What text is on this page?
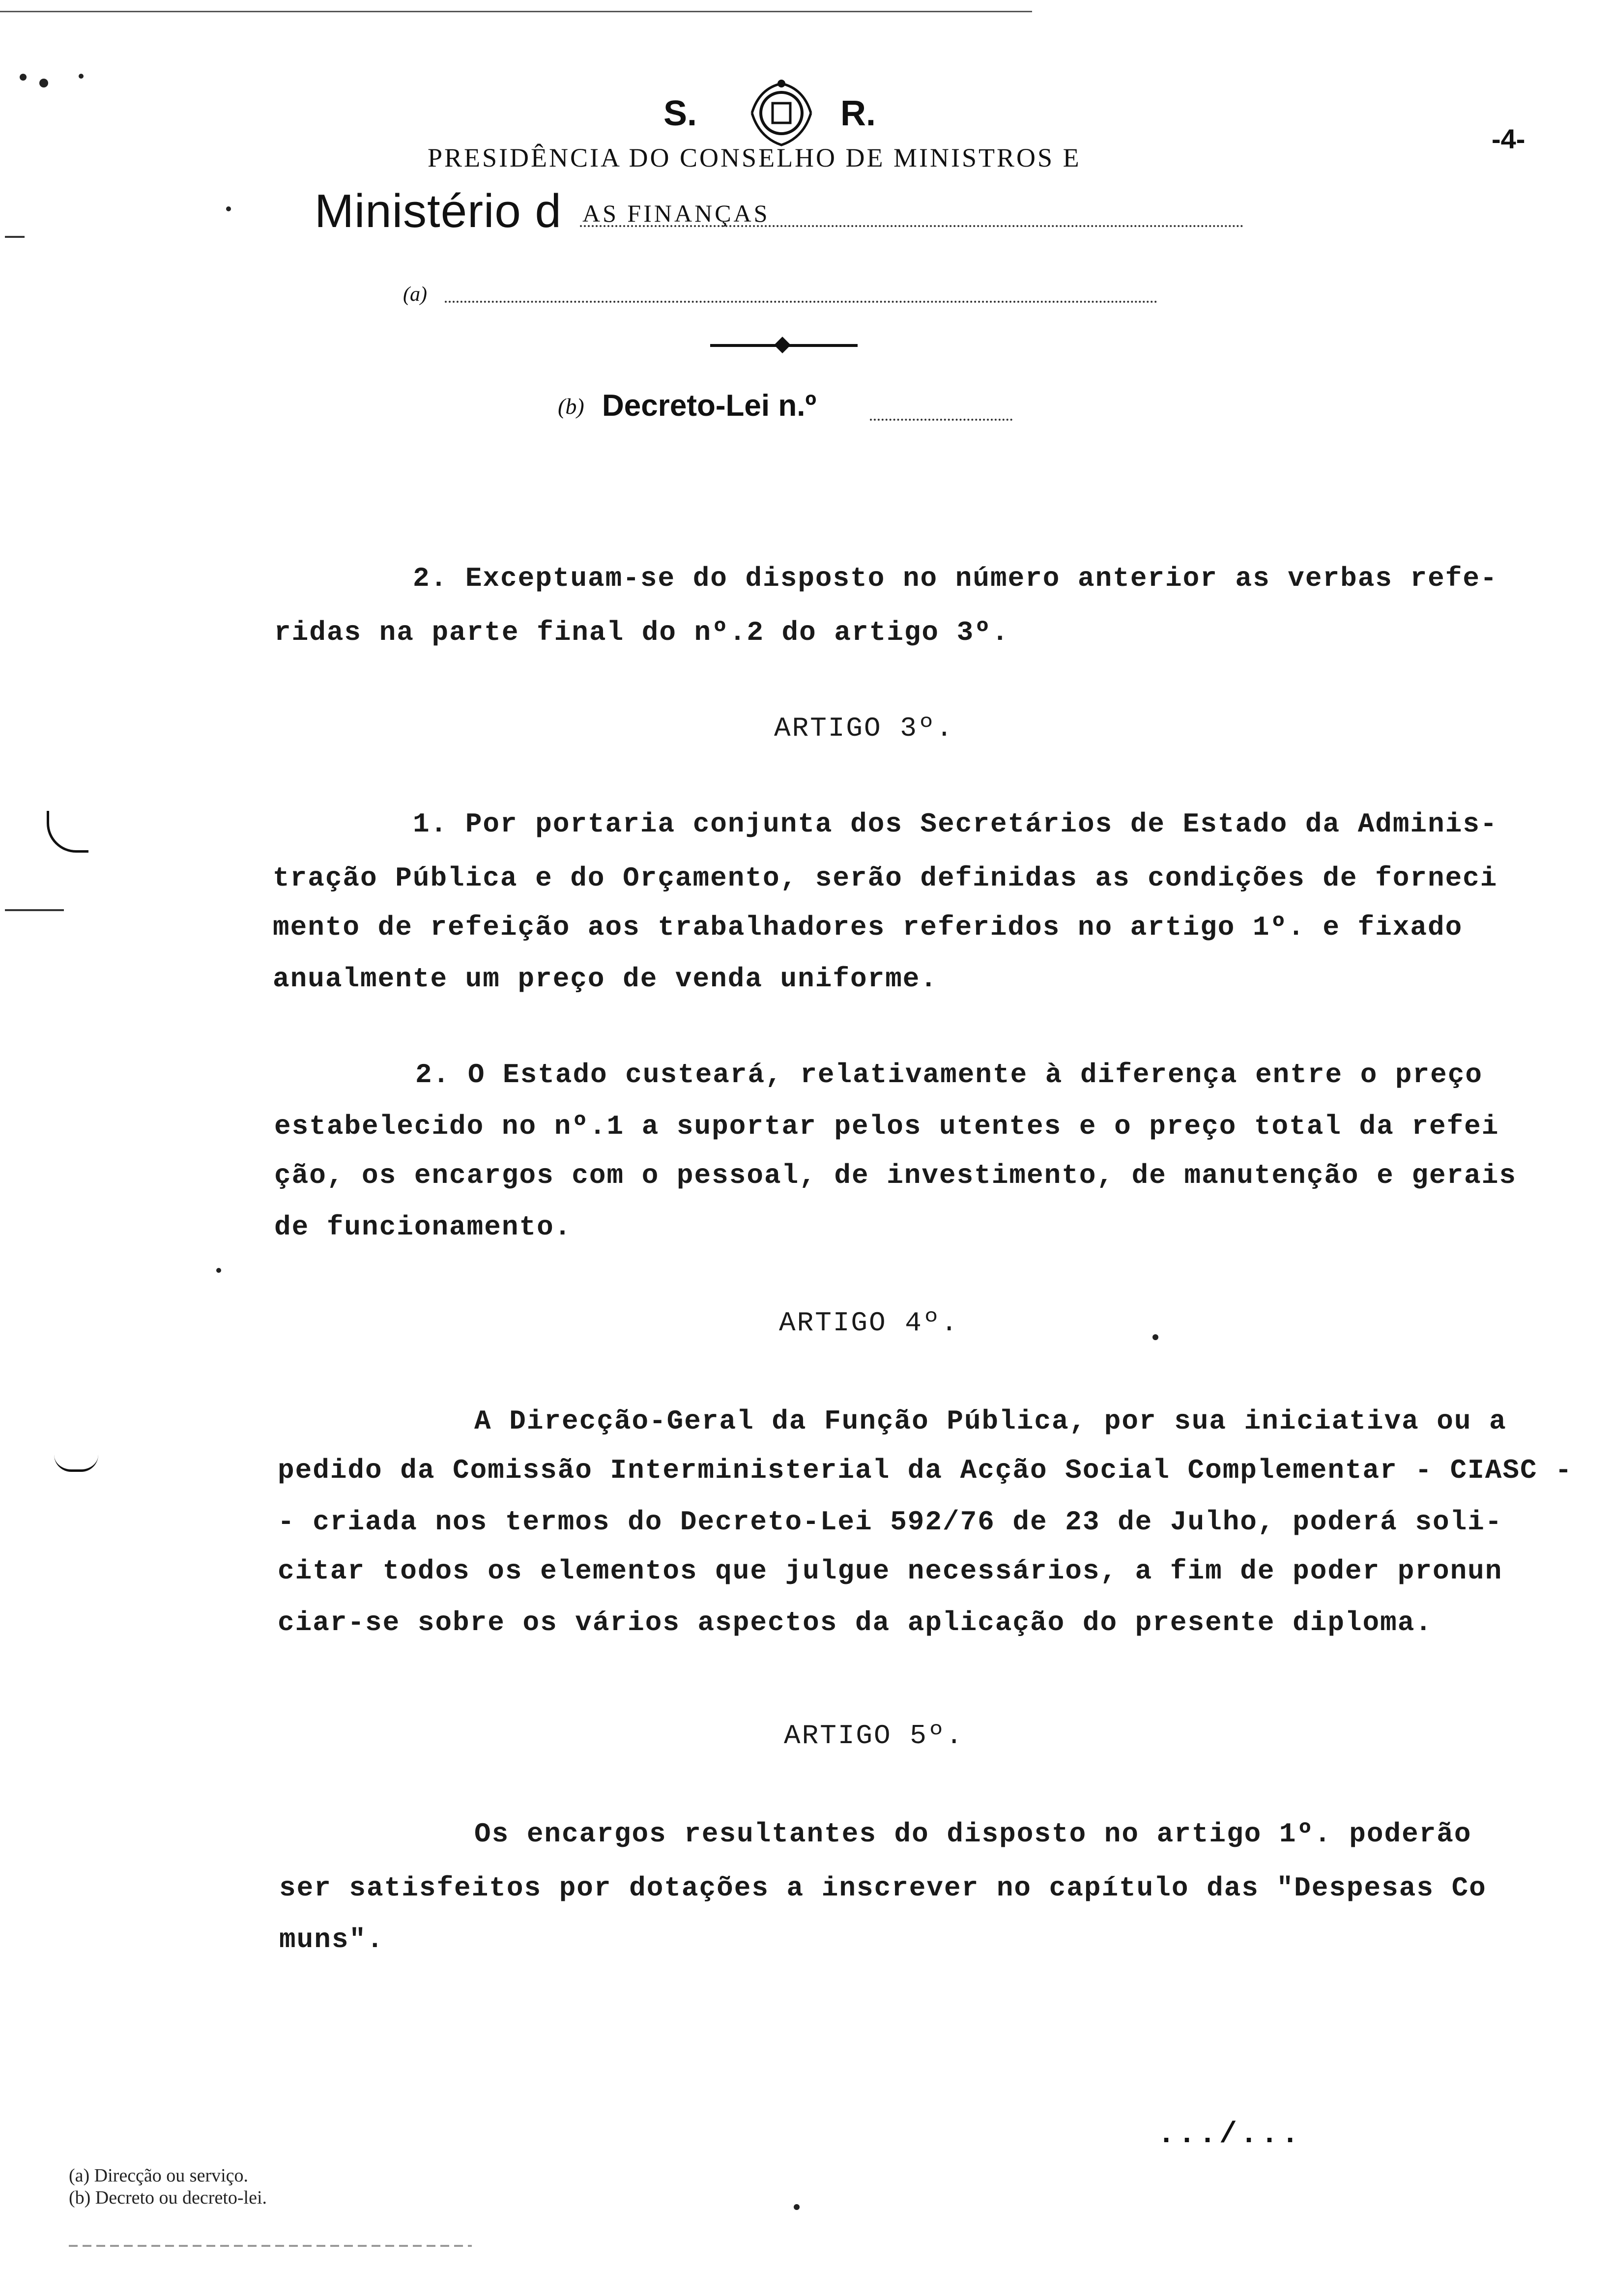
S.	R.
-4-
PRESIDÊNCIA DO CONSELHO DE MINISTROS E
Ministério d AS FINANÇAS
(a)
(b) Decreto-Lei n.º
2. Exceptuam-se do disposto no número anterior as verbas refe-
ridas na parte final do nº.2 do artigo 3º.
ARTIGO 3º.
1. Por portaria conjunta dos Secretários de Estado da Adminis-
tração Pública e do Orçamento, serão definidas as condições de forneci
mento de refeição aos trabalhadores referidos no artigo 1º. e fixado
anualmente um preço de venda uniforme.
2. O Estado custeará, relativamente à diferença entre o preço
estabelecido no nº.1 a suportar pelos utentes e o preço total da refei
ção, os encargos com o pessoal, de investimento, de manutenção e gerais
de funcionamento.
ARTIGO 4º.
A Direcção-Geral da Função Pública, por sua iniciativa ou a
pedido da Comissão Interministerial da Acção Social Complementar - CIASC -
- criada nos termos do Decreto-Lei 592/76 de 23 de Julho, poderá soli-
citar todos os elementos que julgue necessários, a fim de poder pronun
ciar-se sobre os vários aspectos da aplicação do presente diploma.
ARTIGO 5º.
Os encargos resultantes do disposto no artigo 1º. poderão
ser satisfeitos por dotações a inscrever no capítulo das "Despesas Co
muns".
.../...
(a) Direcção ou serviço.
(b) Decreto ou decreto-lei.
